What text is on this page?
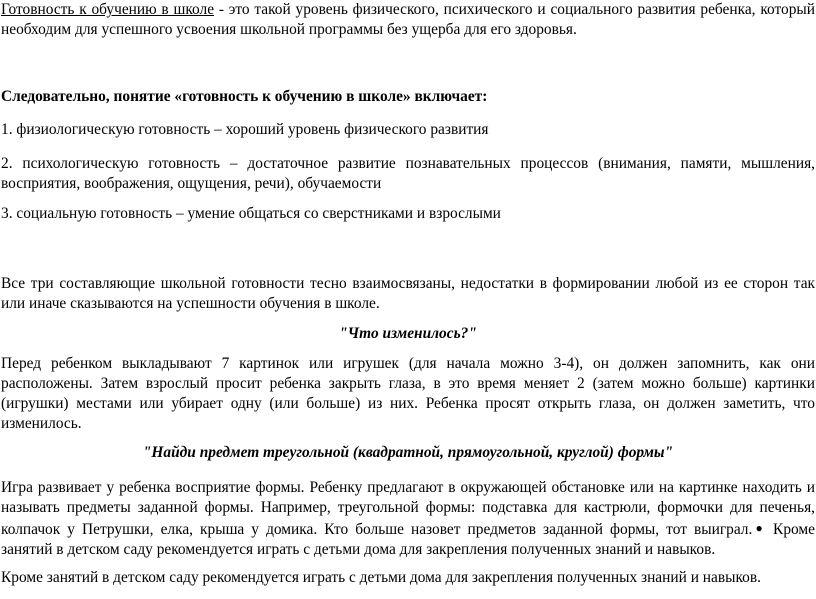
Готовность к обучению в школе - это такой уровень физического, психического и социального развития ребенка, который необходим для успешного усвоения школьной программы без ущерба для его здоровья.

Следовательно, понятие «готовность к обучению в школе» включает:

1. физиологическую готовность – хороший уровень физического развития

2. психологическую готовность – достаточное развитие познавательных процессов (внимания, памяти, мышления, восприятия, воображения, ощущения, речи), обучаемости

3. социальную готовность – умение общаться со сверстниками и взрослыми

Все три составляющие школьной готовности тесно взаимосвязаны, недостатки в формировании любой из ее сторон так или иначе сказываются на успешности обучения в школе.

"Что изменилось?"

Перед ребенком выкладывают 7 картинок или игрушек (для начала можно 3-4), он должен запомнить, как они расположены. Затем взрослый просит ребенка закрыть глаза, в это время меняет 2 (затем можно больше) картинки (игрушки) местами или убирает одну (или больше) из них. Ребенка просят открыть глаза, он должен заметить, что изменилось.

"Найди предмет треугольной (квадратной, прямоугольной, круглой) формы"

Игра развивает у ребенка восприятие формы. Ребенку предлагают в окружающей обстановке или на картинке находить и называть предметы заданной формы. Например, треугольной формы: подставка для кастрюли, формочки для печенья, колпачок у Петрушки, елка, крыша у домика. Кто больше назовет предметов заданной формы, тот выиграл.● Кроме занятий в детском саду рекомендуется играть с детьми дома для закрепления полученных знаний и навыков.

Кроме занятий в детском саду рекомендуется играть с детьми дома для закрепления полученных знаний и навыков.
